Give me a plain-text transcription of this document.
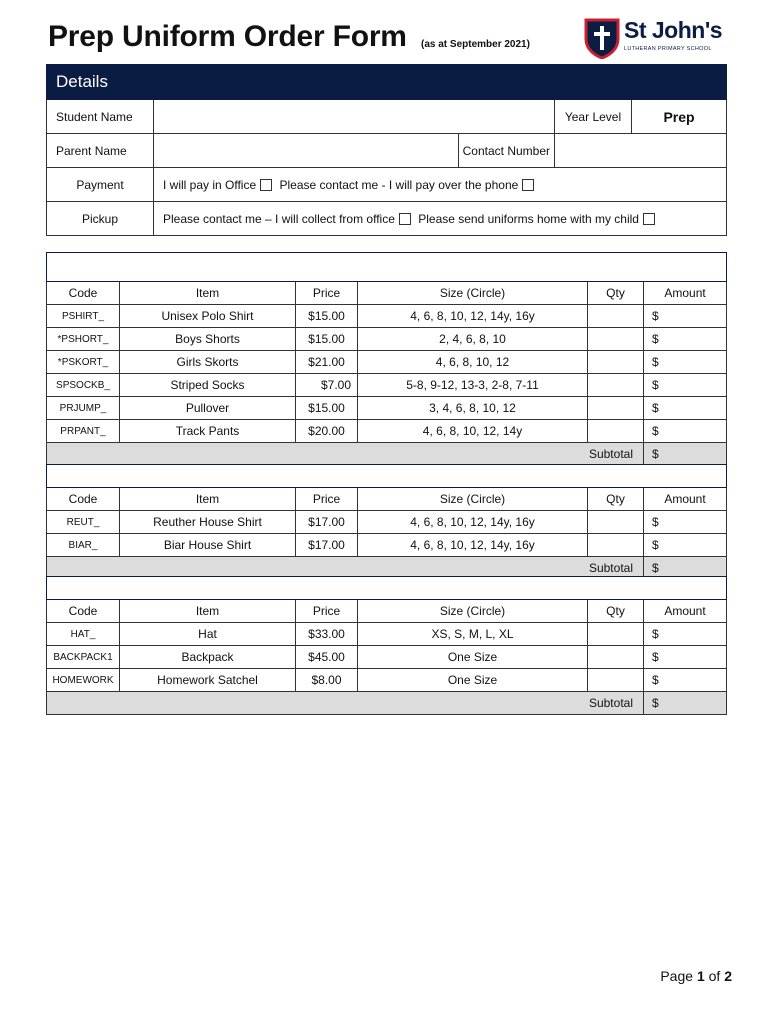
Prep Uniform Order Form (as at September 2021)
St John's
LUTHERAN PRIMARY SCHOOL
Details				
Student Name			Year Level	Prep
Parent Name		Contact Number		
Payment	I will pay in Office Please contact me - I will pay over the phone			
Pickup	Please contact me – I will collect from office Please send uniforms home with my child			
Formal Uniform					
Code	Item	Price	Size (Circle)	Qty	Amount
PSHIRT_	Unisex Polo Shirt	$15.00	4, 6, 8, 10, 12, 14y, 16y		$
*PSHORT_	Boys Shorts	$15.00	2, 4, 6, 8, 10		$
*PSKORT_	Girls Skorts	$21.00	4, 6, 8, 10, 12		$
SPSOCKB_	Striped Socks	$7.00	5-8, 9-12, 13-3, 2-8, 7-11		$
PRJUMP_	Pullover	$15.00	3, 4, 6, 8, 10, 12		$
PRPANT_	Track Pants	$20.00	4, 6, 8, 10, 12, 14y		$
Subtotal					$
Sport Uniform					
Code	Item	Price	Size (Circle)	Qty	Amount
REUT_	Reuther House Shirt	$17.00	4, 6, 8, 10, 12, 14y, 16y		$
BIAR_	Biar House Shirt	$17.00	4, 6, 8, 10, 12, 14y, 16y		$
Subtotal					$
Accessories - Required					
Code	Item	Price	Size (Circle)	Qty	Amount
HAT_	Hat	$33.00	XS, S, M, L, XL		$
BACKPACK1	Backpack	$45.00	One Size		$
HOMEWORK	Homework Satchel	$8.00	One Size		$
Subtotal					$
Page 1 of 2
